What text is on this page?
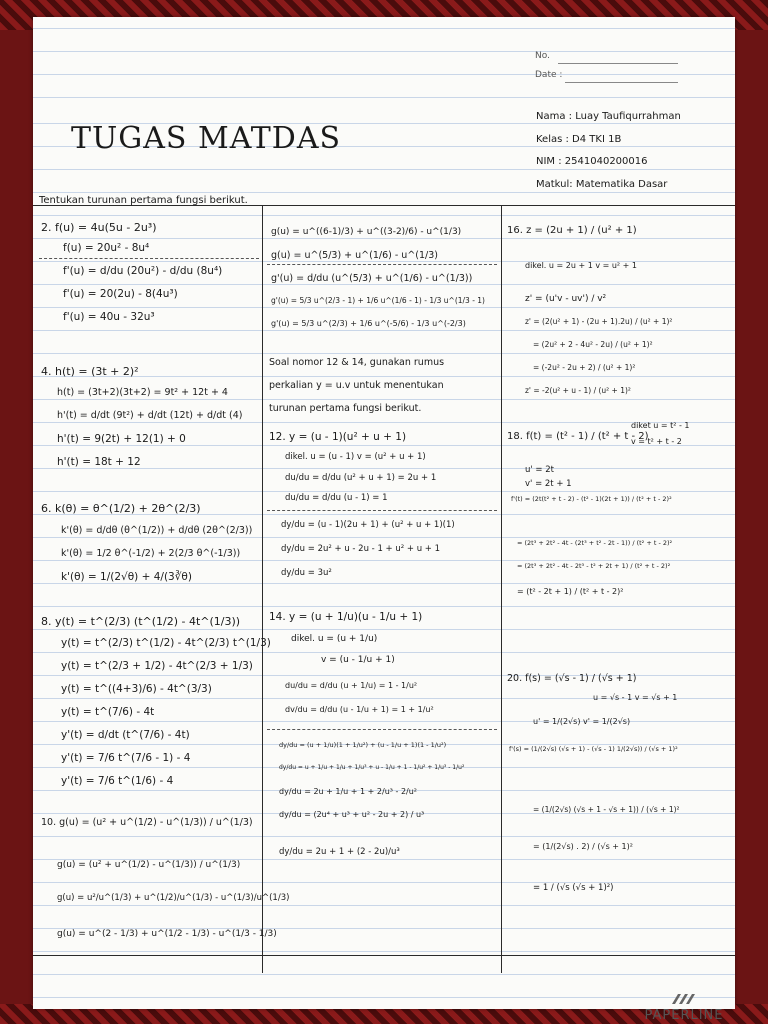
No.
Date :
TUGAS MATDAS
Nama : Luay Taufiqurrahman
Kelas : D4 TKI 1B
NIM : 2541040200016
Matkul: Matematika Dasar
Tentukan turunan pertama fungsi berikut.
2. f(u) = 4u(5u - 2u³)
f(u) = 20u² - 8u⁴
f'(u) = d/du (20u²) - d/du (8u⁴)
f'(u) = 20(2u) - 8(4u³)
f'(u) = 40u - 32u³
4. h(t) = (3t + 2)²
h(t) = (3t+2)(3t+2) = 9t² + 12t + 4
h'(t) = d/dt (9t²) + d/dt (12t) + d/dt (4)
h'(t) = 9(2t) + 12(1) + 0
h'(t) = 18t + 12
6. k(θ) = θ^(1/2) + 2θ^(2/3)
k'(θ) = d/dθ (θ^(1/2)) + d/dθ (2θ^(2/3))
k'(θ) = 1/2 θ^(-1/2) + 2(2/3 θ^(-1/3))
k'(θ) = 1/(2√θ) + 4/(3∛θ)
8. y(t) = t^(2/3) (t^(1/2) - 4t^(1/3))
y(t) = t^(2/3) t^(1/2) - 4t^(2/3) t^(1/3)
y(t) = t^(2/3 + 1/2) - 4t^(2/3 + 1/3)
y(t) = t^((4+3)/6) - 4t^(3/3)
y(t) = t^(7/6) - 4t
y'(t) = d/dt (t^(7/6) - 4t)
y'(t) = 7/6 t^(7/6 - 1) - 4
y'(t) = 7/6 t^(1/6) - 4
10. g(u) = (u² + u^(1/2) - u^(1/3)) / u^(1/3)
g(u) = (u² + u^(1/2) - u^(1/3)) / u^(1/3)
g(u) = u²/u^(1/3) + u^(1/2)/u^(1/3) - u^(1/3)/u^(1/3)
g(u) = u^(2 - 1/3) + u^(1/2 - 1/3) - u^(1/3 - 1/3)
g(u) = u^((6-1)/3) + u^((3-2)/6) - u^(1/3)
g(u) = u^(5/3) + u^(1/6) - u^(1/3)
g'(u) = d/du (u^(5/3) + u^(1/6) - u^(1/3))
g'(u) = 5/3 u^(2/3 - 1) + 1/6 u^(1/6 - 1) - 1/3 u^(1/3 - 1)
g'(u) = 5/3 u^(2/3) + 1/6 u^(-5/6) - 1/3 u^(-2/3)
Soal nomor 12 & 14, gunakan rumus
perkalian y = u.v untuk menentukan
turunan pertama fungsi berikut.
12. y = (u - 1)(u² + u + 1)
dikel. u = (u - 1) v = (u² + u + 1)
du/du = d/du (u² + u + 1) = 2u + 1
du/du = d/du (u - 1) = 1
dy/du = (u - 1)(2u + 1) + (u² + u + 1)(1)
dy/du = 2u² + u - 2u - 1 + u² + u + 1
dy/du = 3u²
14. y = (u + 1/u)(u - 1/u + 1)
dikel. u = (u + 1/u)
v = (u - 1/u + 1)
du/du = d/du (u + 1/u) = 1 - 1/u²
dv/du = d/du (u - 1/u + 1) = 1 + 1/u²
dy/du = (u + 1/u)(1 + 1/u²) + (u - 1/u + 1)(1 - 1/u²)
dy/du = u + 1/u + 1/u + 1/u³ + u - 1/u + 1 - 1/u² + 1/u³ - 1/u²
dy/du = 2u + 1/u + 1 + 2/u³ - 2/u²
dy/du = (2u⁴ + u³ + u² - 2u + 2) / u³
dy/du = 2u + 1 + (2 - 2u)/u³
16. z = (2u + 1) / (u² + 1)
dikel. u = 2u + 1 v = u² + 1
z' = (u'v - uv') / v²
z' = (2(u² + 1) - (2u + 1).2u) / (u² + 1)²
= (2u² + 2 - 4u² - 2u) / (u² + 1)²
= (-2u² - 2u + 2) / (u² + 1)²
z' = -2(u² + u - 1) / (u² + 1)²
18. f(t) = (t² - 1) / (t² + t - 2)
diket u = t² - 1
v = t² + t - 2
u' = 2t
v' = 2t + 1
f'(t) = (2t(t² + t - 2) - (t² - 1)(2t + 1)) / (t² + t - 2)²
= (2t³ + 2t² - 4t - (2t³ + t² - 2t - 1)) / (t² + t - 2)²
= (2t³ + 2t² - 4t - 2t³ - t² + 2t + 1) / (t² + t - 2)²
= (t² - 2t + 1) / (t² + t - 2)²
20. f(s) = (√s - 1) / (√s + 1)
u = √s - 1 v = √s + 1
u' = 1/(2√s) v' = 1/(2√s)
f'(s) = (1/(2√s) (√s + 1) - (√s - 1) 1/(2√s)) / (√s + 1)²
= (1/(2√s) (√s + 1 - √s + 1)) / (√s + 1)²
= (1/(2√s) . 2) / (√s + 1)²
= 1 / (√s (√s + 1)²)
PAPERLINE
